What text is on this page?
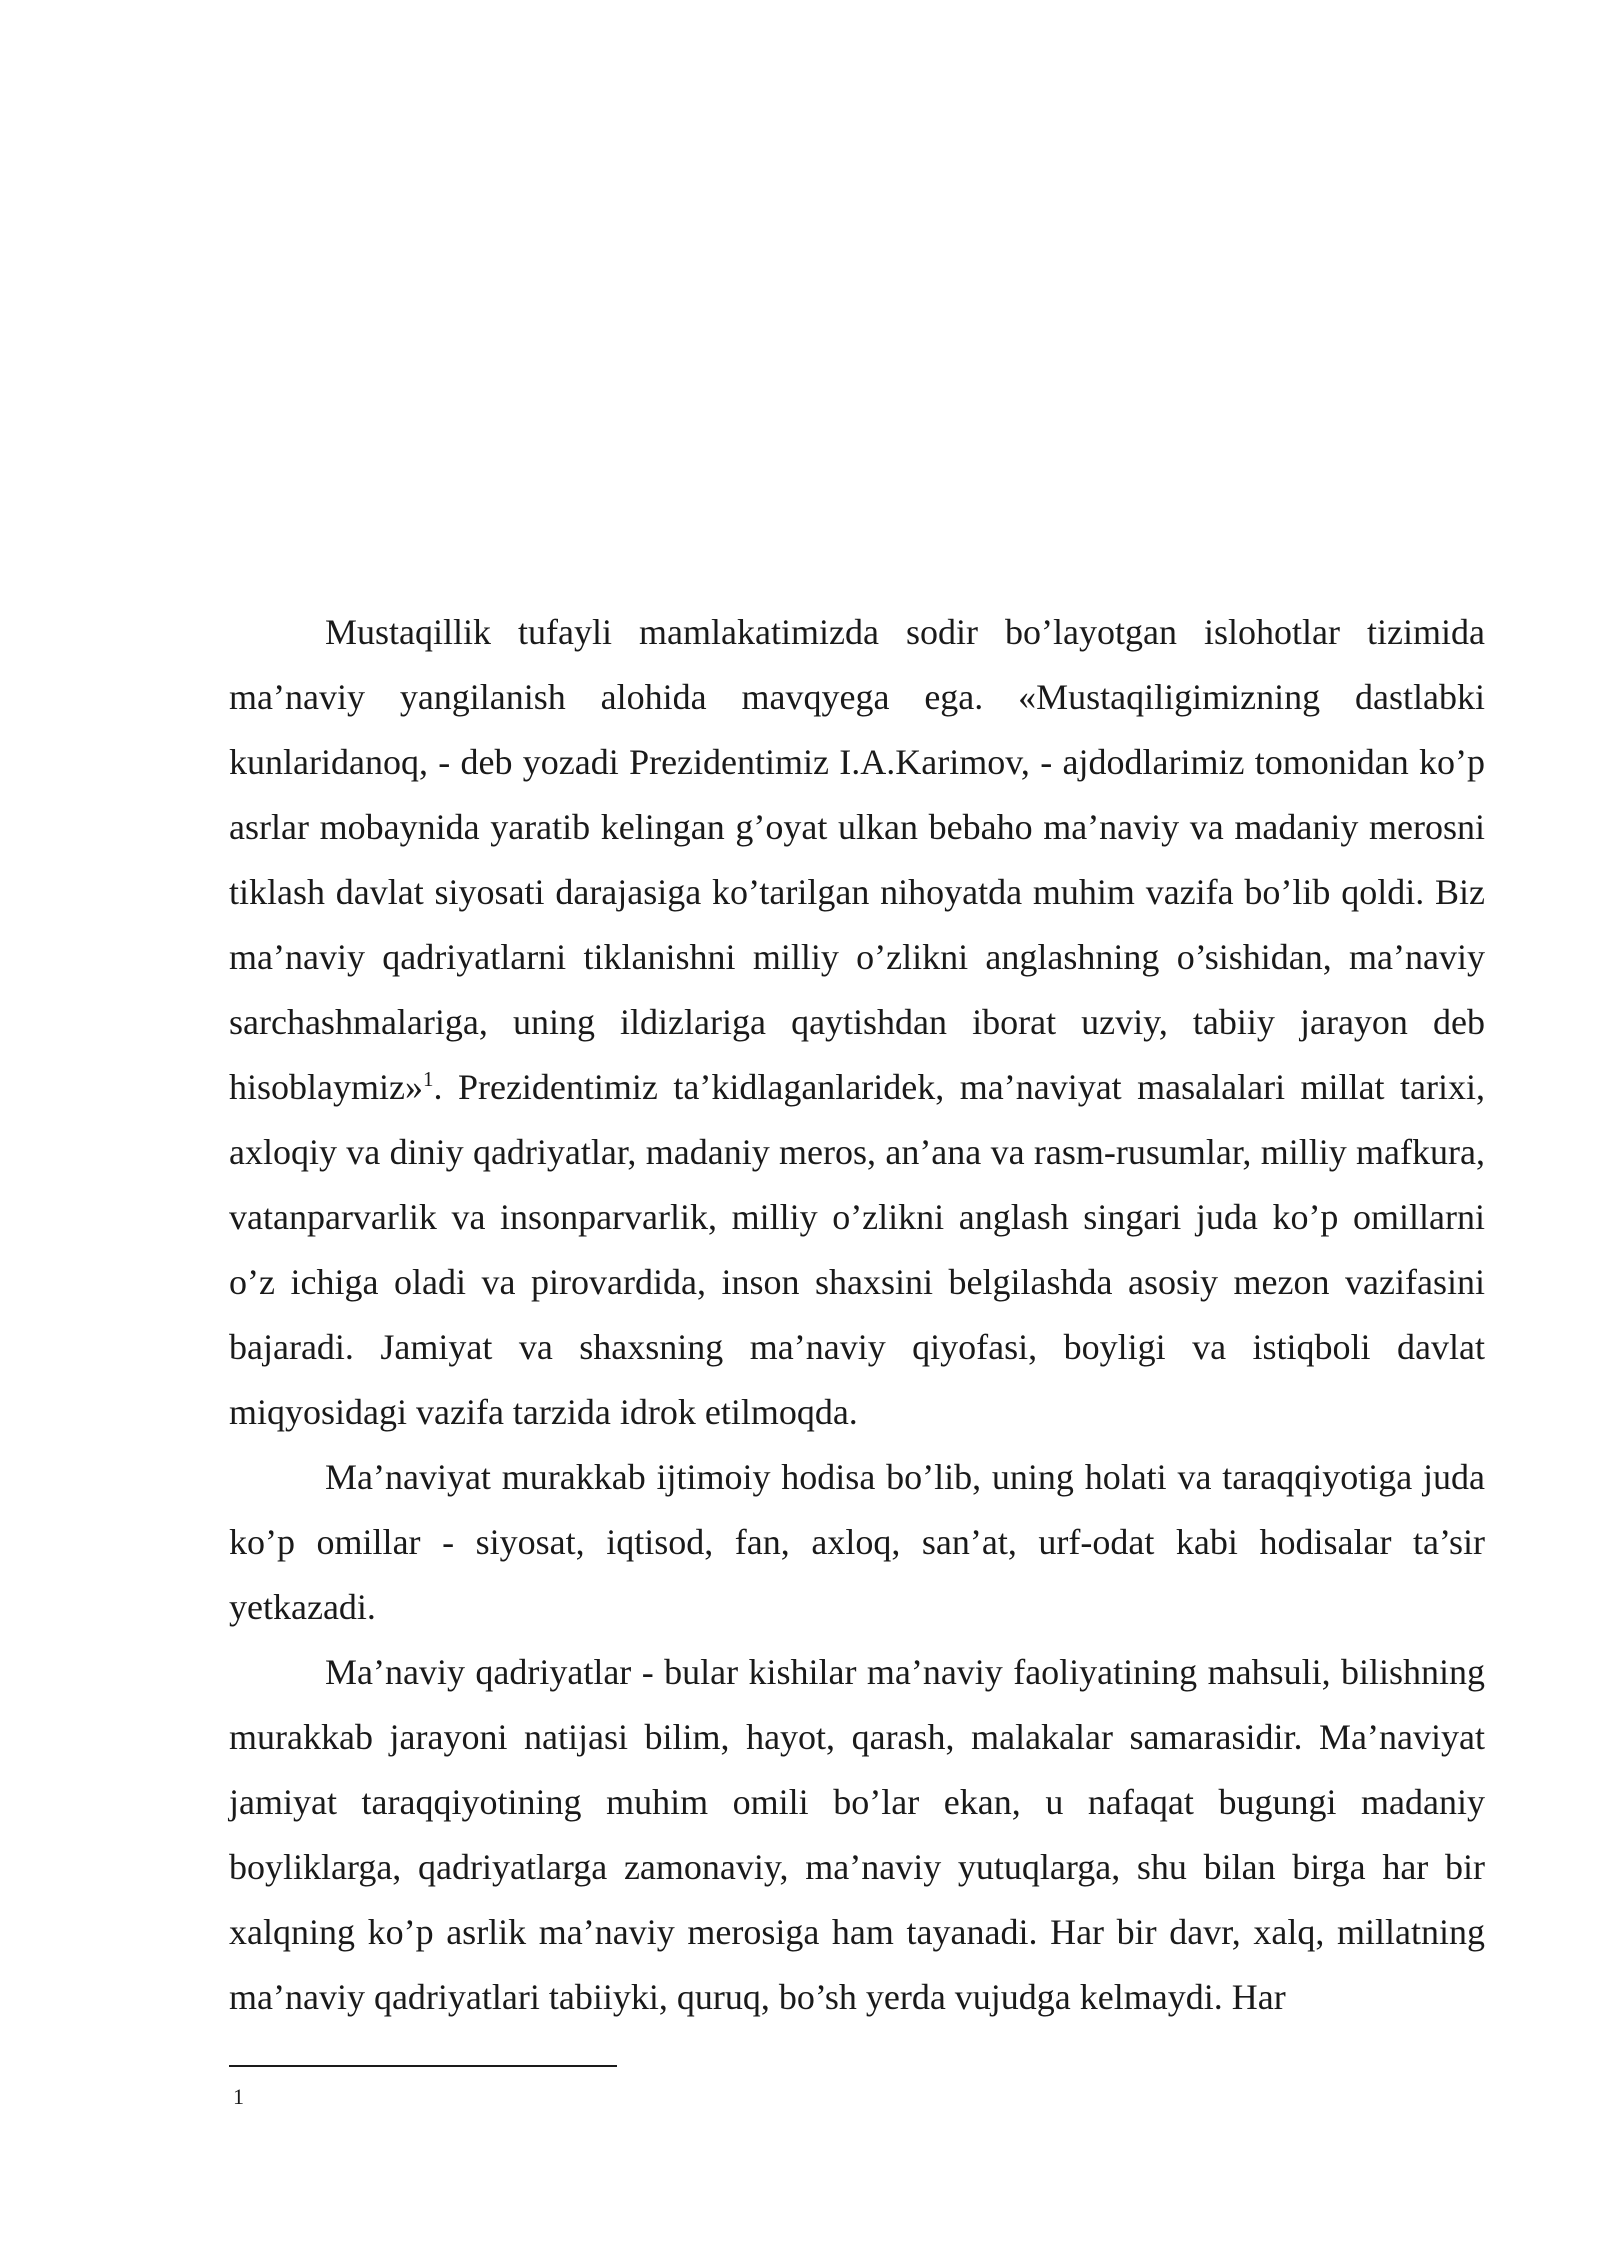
Mustaqillik tufayli mamlakatimizda sodir bo’layotgan islohotlar tizimida ma’naviy yangilanish alohida mavqyega ega. «Mustaqiligimizning dastlabki kunlaridanoq, - deb yozadi Prezidentimiz I.A.Karimov, - ajdodlarimiz tomonidan ko’p asrlar mobaynida yaratib kelingan g’oyat ulkan bebaho ma’naviy va madaniy merosni tiklash davlat siyosati darajasiga ko’tarilgan nihoyatda muhim vazifa bo’lib qoldi. Biz ma’naviy qadriyatlarni tiklanishni milliy o’zlikni anglashning o’sishidan, ma’naviy sarchashmalariga, uning ildizlariga qaytishdan iborat uzviy, tabiiy jarayon deb hisoblaymiz»$^1$. Prezidentimiz ta’kidlaganlaridek, ma’naviyat masalalari millat tarixi, axloqiy va diniy qadriyatlar, madaniy meros, an’ana va rasm-rusumlar, milliy mafkura, vatanparvarlik va insonparvarlik, milliy o’zlikni anglash singari juda ko’p omillarni o’z ichiga oladi va pirovardida, inson shaxsini belgilashda asosiy mezon vazifasini bajaradi. Jamiyat va shaxsning ma’naviy qiyofasi, boyligi va istiqboli davlat miqyosidagi vazifa tarzida idrok etilmoqda.

Ma’naviyat murakkab ijtimoiy hodisa bo’lib, uning holati va taraqqiyotiga juda ko’p omillar - siyosat, iqtisod, fan, axloq, san’at, urf-odat kabi hodisalar ta’sir yetkazadi.

Ma’naviy qadriyatlar - bular kishilar ma’naviy faoliyatining mahsuli, bilishning murakkab jarayoni natijasi bilim, hayot, qarash, malakalar samarasidir. Ma’naviyat jamiyat taraqqiyotining muhim omili bo’lar ekan, u nafaqat bugungi madaniy boyliklarga, qadriyatlarga zamonaviy, ma’naviy yutuqlarga, shu bilan birga har bir xalqning ko’p asrlik ma’naviy merosiga ham tayanadi. Har bir davr, xalq, millatning ma’naviy qadriyatlari tabiiyki, quruq, bo’sh yerda vujudga kelmaydi. Har

1
